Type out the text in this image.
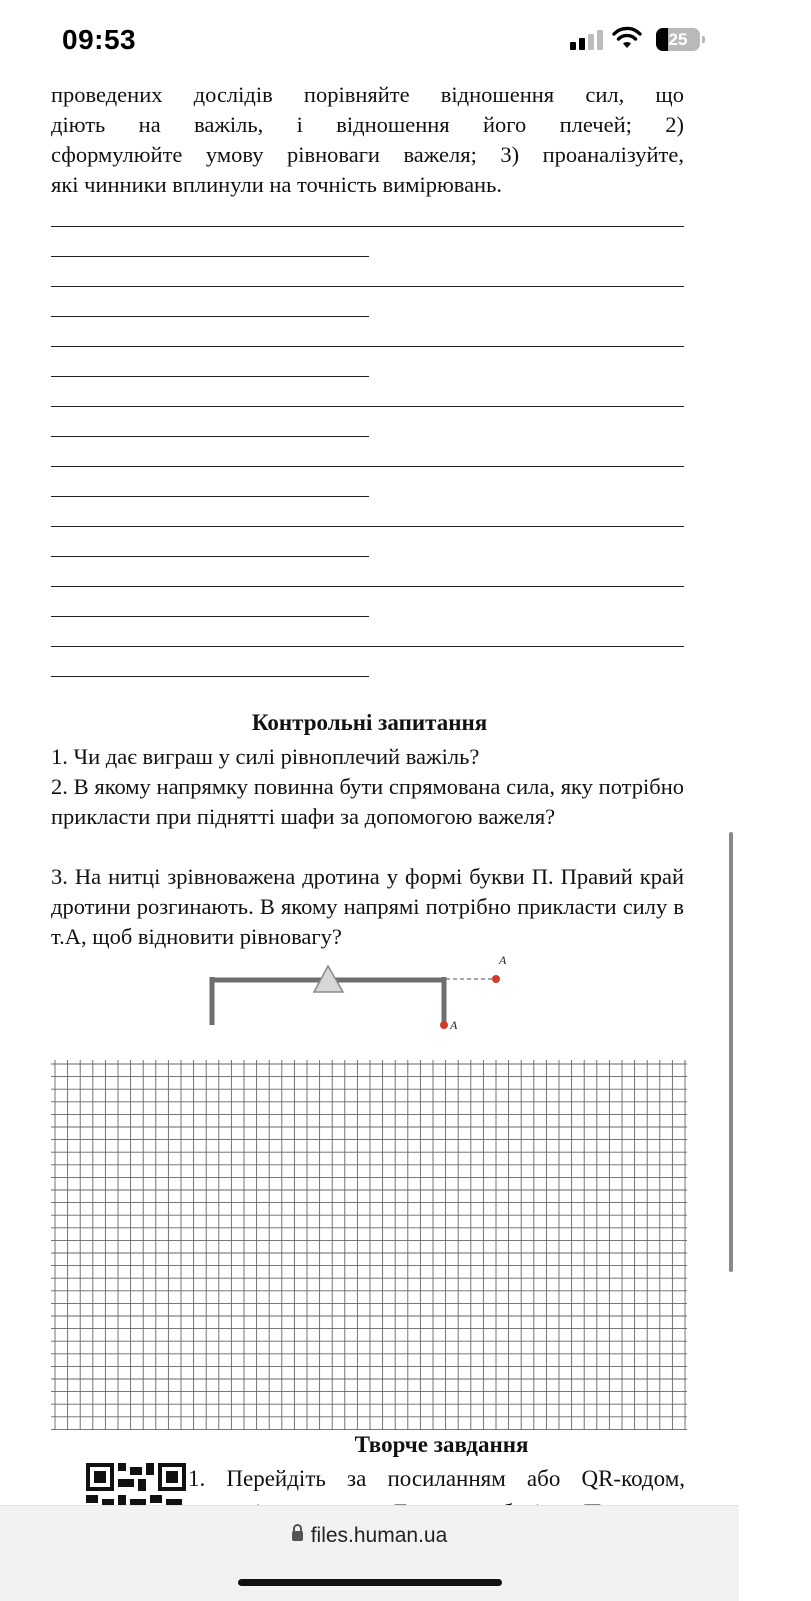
09:53	25
проведених дослідів порівняйте відношення сил, що
діють на важіль, і відношення його плечей; 2)
сформулюйте умову рівноваги важеля; 3) проаналізуйте,
які чинники вплинули на точність вимірювань.
Контрольні запитання
1. Чи дає виграш у силі рівноплечий важіль?
2. В якому напрямку повинна бути спрямована сила, яку потрібно прикласти при піднятті шафи за допомогою важеля?
3. На нитці зрівноважена дротина у формі букви П. Правий край дротини розгинають. В якому напрямі потрібно прикласти силу в т.А, щоб відновити рівновагу?
A
A
Творче завдання
1. Перейдіть за посиланням або QR-кодом,
files.human.ua
